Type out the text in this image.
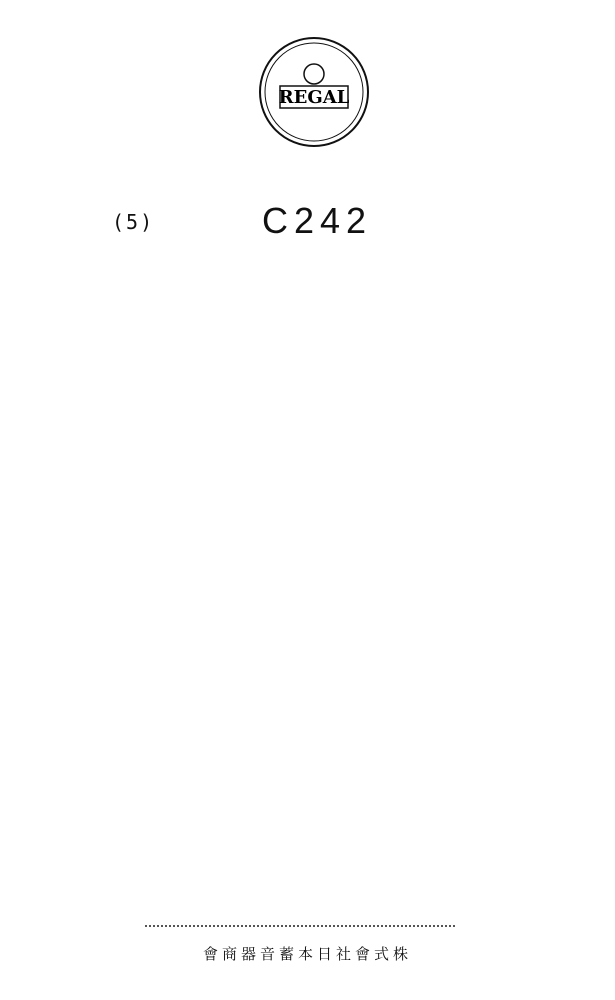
REGAL
(5)	C242
會商器音蓄本日社會式株
